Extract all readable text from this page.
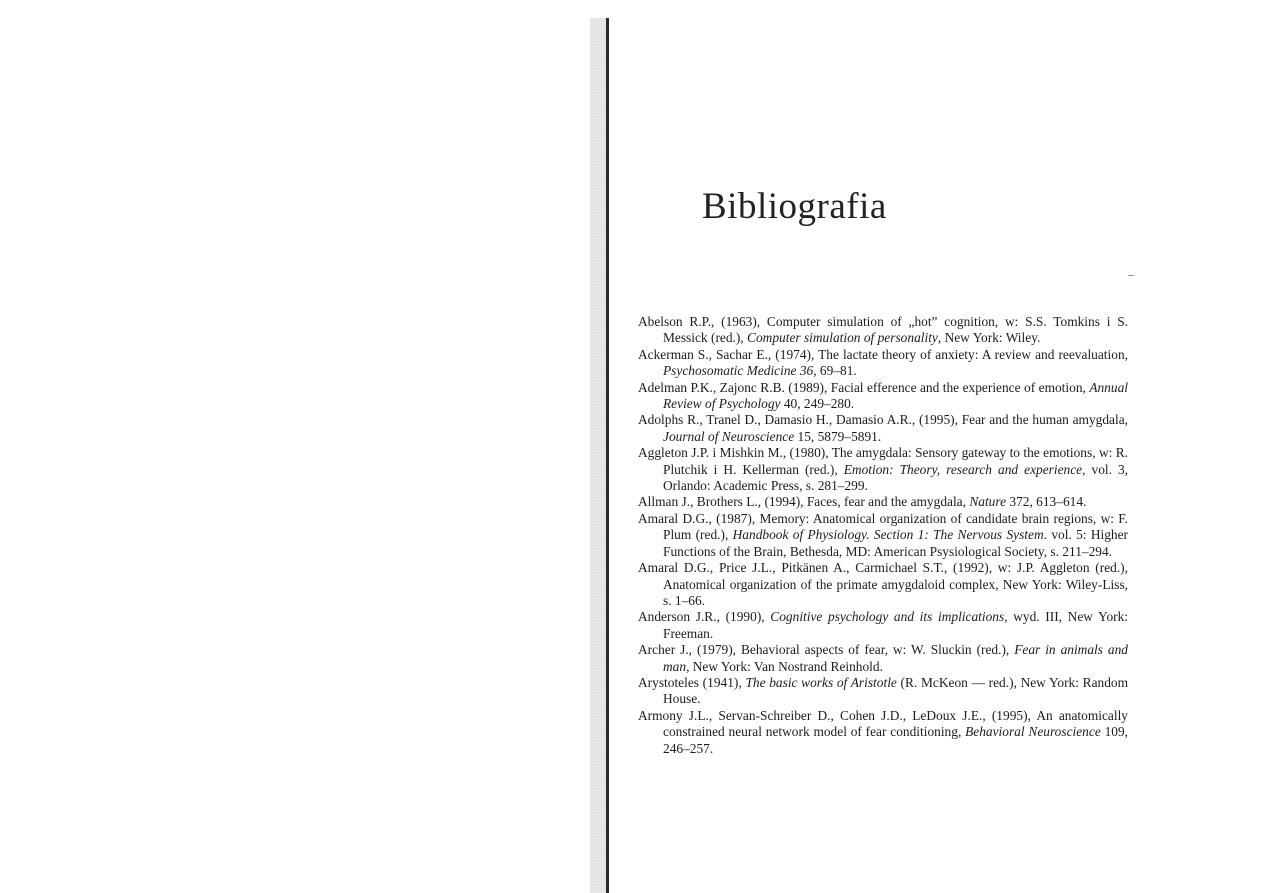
Bibliografia
Abelson R.P., (1963), Computer simulation of „hot” cognition, w: S.S. Tomkins i S. Messick (red.), Computer simulation of personality, New York: Wiley.
Ackerman S., Sachar E., (1974), The lactate theory of anxiety: A review and reevaluation, Psychosomatic Medicine 36, 69–81.
Adelman P.K., Zajonc R.B. (1989), Facial efference and the experience of emotion, Annual Review of Psychology 40, 249–280.
Adolphs R., Tranel D., Damasio H., Damasio A.R., (1995), Fear and the human amygdala, Journal of Neuroscience 15, 5879–5891.
Aggleton J.P. i Mishkin M., (1980), The amygdala: Sensory gateway to the emotions, w: R. Plutchik i H. Kellerman (red.), Emotion: Theory, research and experience, vol. 3, Orlando: Academic Press, s. 281–299.
Allman J., Brothers L., (1994), Faces, fear and the amygdala, Nature 372, 613–614.
Amaral D.G., (1987), Memory: Anatomical organization of candidate brain regions, w: F. Plum (red.), Handbook of Physiology. Section 1: The Nervous System. vol. 5: Higher Functions of the Brain, Bethesda, MD: American Psysiological Society, s. 211–294.
Amaral D.G., Price J.L., Pitkänen A., Carmichael S.T., (1992), w: J.P. Aggleton (red.), Anatomical organization of the primate amygdaloid complex, New York: Wiley-Liss, s. 1–66.
Anderson J.R., (1990), Cognitive psychology and its implications, wyd. III, New York: Freeman.
Archer J., (1979), Behavioral aspects of fear, w: W. Sluckin (red.), Fear in animals and man, New York: Van Nostrand Reinhold.
Arystoteles (1941), The basic works of Aristotle (R. McKeon — red.), New York: Random House.
Armony J.L., Servan-Schreiber D., Cohen J.D., LeDoux J.E., (1995), An anatomically constrained neural network model of fear conditioning, Behavioral Neuroscience 109, 246–257.
